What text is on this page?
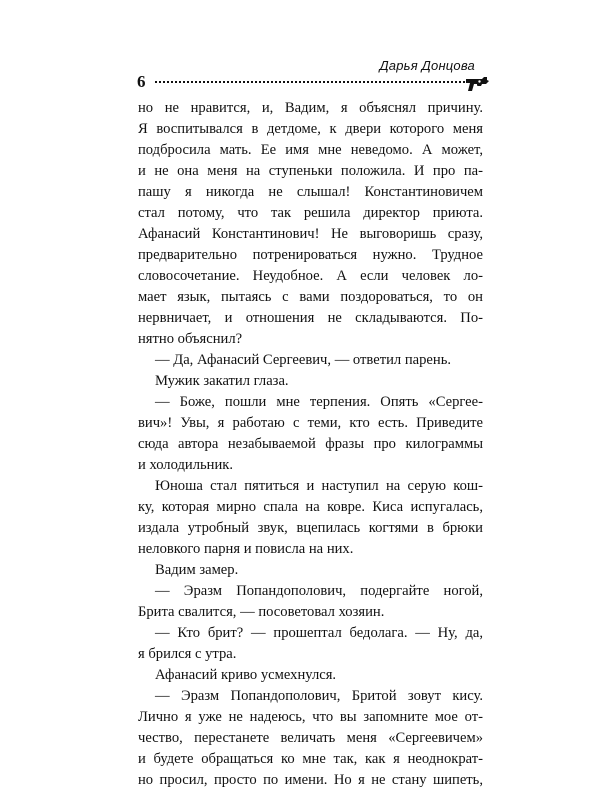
6
Дарья Донцова

но не нравится, и, Вадим, я объяснял причину.

Я воспитывался в детдоме, к двери которого меня

подбросила мать. Ее имя мне неведомо. А может,

и не она меня на ступеньки положила. И про па-

пашу я никогда не слышал! Константиновичем

стал потому, что так решила директор приюта.

Афанасий Константинович! Не выговоришь сразу,

предварительно потренироваться нужно. Трудное

словосочетание. Неудобное. А если человек ло-

мает язык, пытаясь с вами поздороваться, то он

нервничает, и отношения не складываются. По-

нятно объяснил?

— Да, Афанасий Сергеевич, — ответил парень.

Мужик закатил глаза.

— Боже, пошли мне терпения. Опять «Сергее-

вич»! Увы, я работаю с теми, кто есть. Приведите

сюда автора незабываемой фразы про килограммы

и холодильник.

Юноша стал пятиться и наступил на серую кош-

ку, которая мирно спала на ковре. Киса испугалась,

издала утробный звук, вцепилась когтями в брюки

неловкого парня и повисла на них.

Вадим замер.

— Эразм Попандополович, подергайте ногой,

Брита свалится, — посоветовал хозяин.

— Кто брит? — прошептал бедолага. — Ну, да,

я брился с утра.

Афанасий криво усмехнулся.

— Эразм Попандополович, Бритой зовут кису.

Лично я уже не надеюсь, что вы запомните мое от-

чество, перестанете величать меня «Сергеевичем»

и будете обращаться ко мне так, как я неоднократ-

но просил, просто по имени. Но я не стану шипеть,
